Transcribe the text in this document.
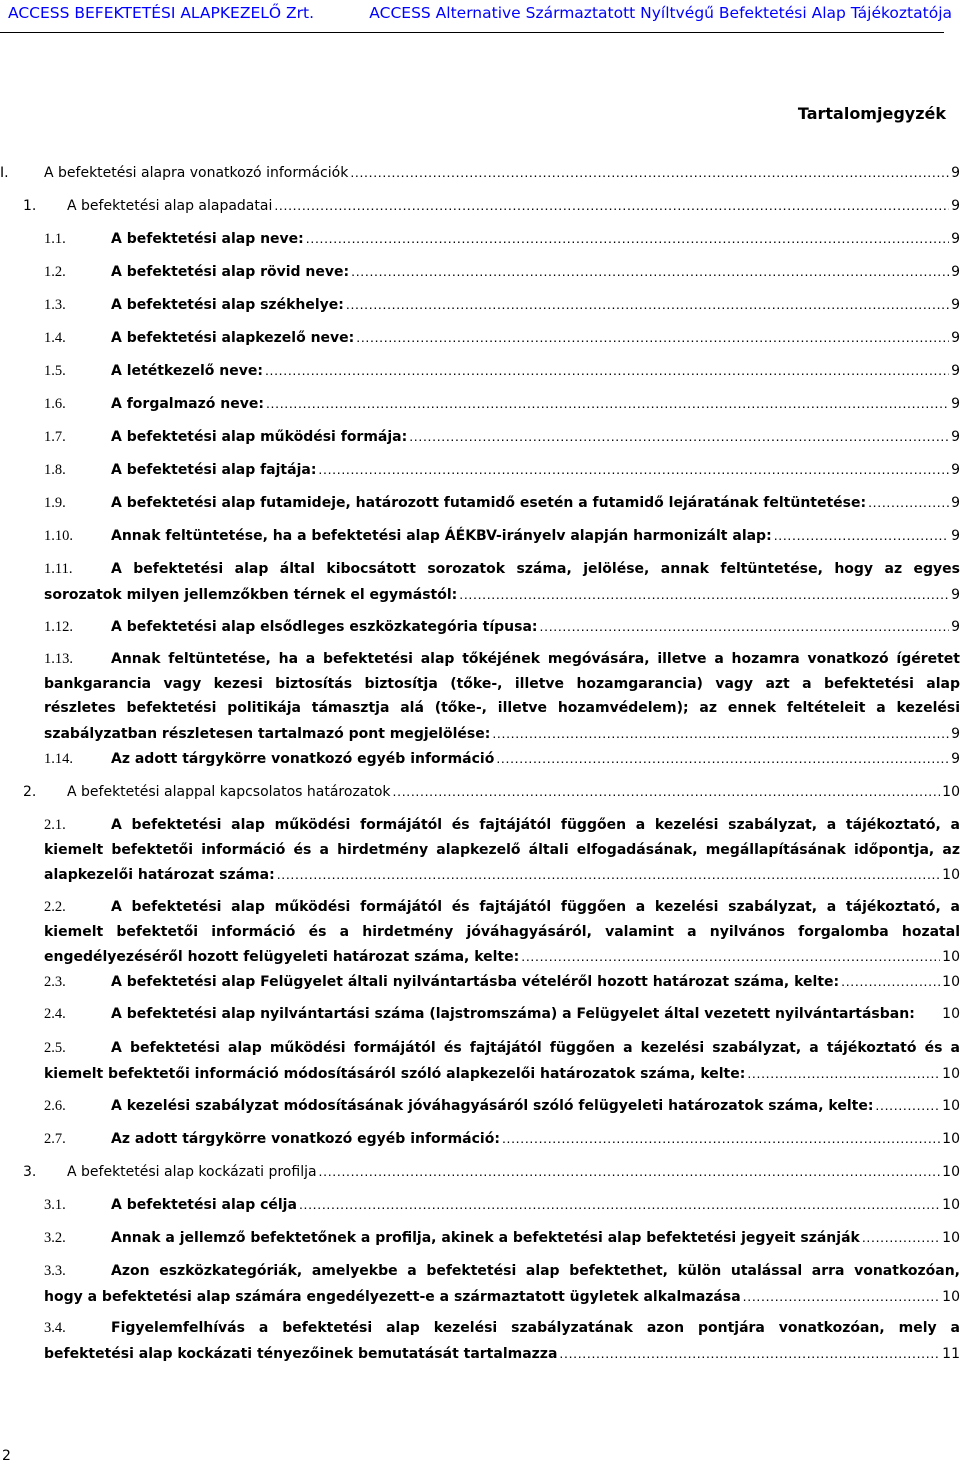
ACCESS BEFEKTETÉSI ALAPKEZELŐ Zrt.	ACCESS Alternative Származtatott Nyíltvégű Befektetési Alap Tájékoztatója
Tartalomjegyzék
I.	A befektetési alapra vonatkozó információk . . .	9
1.	A befektetési alap alapadatai . . .	9
1.1.	A befektetési alap neve: . . .	9
1.2.	A befektetési alap rövid neve: . . .	9
1.3.	A befektetési alap székhelye: . . .	9
1.4.	A befektetési alapkezelő neve: . . .	9
1.5.	A letétkezelő neve: . . .	9
1.6.	A forgalmazó neve: . . .	9
1.7.	A befektetési alap működési formája: . . .	9
1.8.	A befektetési alap fajtája: . . .	9
1.9.	A befektetési alap futamideje, határozott futamidő esetén a futamidő lejáratának feltüntetése: . . .	9
1.10.	Annak feltüntetése, ha a befektetési alap ÁÉKBV-irányelv alapján harmonizált alap: . . .	9
1.11.	A befektetési alap által kibocsátott sorozatok száma, jelölése, annak feltüntetése, hogy az egyes
sorozatok milyen jellemzőkben térnek el egymástól: . . .	9
1.12.	A befektetési alap elsődleges eszközkategória típusa: . . .	9
1.13.	Annak feltüntetése, ha a befektetési alap tőkéjének megóvására, illetve a hozamra vonatkozó ígéretet
bankgarancia vagy kezesi biztosítás biztosítja (tőke-, illetve hozamgarancia) vagy azt a befektetési alap
részletes befektetési politikája támasztja alá (tőke-, illetve hozamvédelem); az ennek feltételeit a kezelési
szabályzatban részletesen tartalmazó pont megjelölése: . . .	9
1.14.	Az adott tárgykörre vonatkozó egyéb információ . . .	9
2.	A befektetési alappal kapcsolatos határozatok . . .	10
2.1.	A befektetési alap működési formájától és fajtájától függően a kezelési szabályzat, a tájékoztató, a
kiemelt befektetői információ és a hirdetmény alapkezelő általi elfogadásának, megállapításának időpontja, az
alapkezelői határozat száma: . . .	10
2.2.	A befektetési alap működési formájától és fajtájától függően a kezelési szabályzat, a tájékoztató, a
kiemelt befektetői információ és a hirdetmény jóváhagyásáról, valamint a nyilvános forgalomba hozatal
engedélyezéséről hozott felügyeleti határozat száma, kelte: . . .	10
2.3.	A befektetési alap Felügyelet általi nyilvántartásba vételéről hozott határozat száma, kelte: . . .	10
2.4.	A befektetési alap nyilvántartási száma (lajstromszáma) a Felügyelet által vezetett nyilvántartásban:	10
2.5.	A befektetési alap működési formájától és fajtájától függően a kezelési szabályzat, a tájékoztató és a
kiemelt befektetői információ módosításáról szóló alapkezelői határozatok száma, kelte: . . .	10
2.6.	A kezelési szabályzat módosításának jóváhagyásáról szóló felügyeleti határozatok száma, kelte: . . .	10
2.7.	Az adott tárgykörre vonatkozó egyéb információ: . . .	10
3.	A befektetési alap kockázati profilja . . .	10
3.1.	A befektetési alap célja . . .	10
3.2.	Annak a jellemző befektetőnek a profilja, akinek a befektetési alap befektetési jegyeit szánják . . .	10
3.3.	Azon eszközkategóriák, amelyekbe a befektetési alap befektethet, külön utalással arra vonatkozóan,
hogy a befektetési alap számára engedélyezett-e a származtatott ügyletek alkalmazása . . .	10
3.4.	Figyelemfelhívás a befektetési alap kezelési szabályzatának azon pontjára vonatkozóan, mely a
befektetési alap kockázati tényezőinek bemutatását tartalmazza . . .	11
2
